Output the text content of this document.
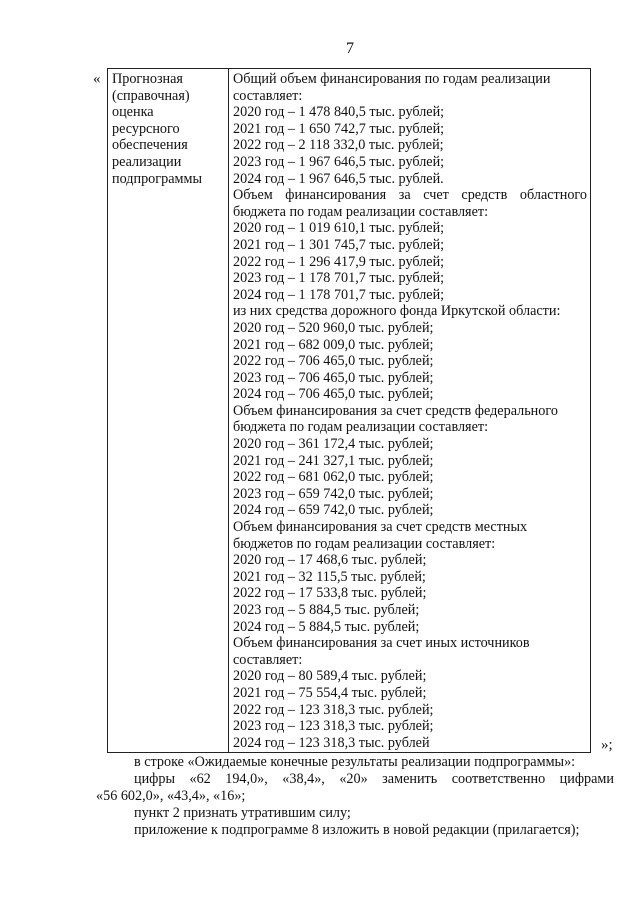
7
« Прогнозная
(справочная)
оценка
ресурсного
обеспечения
реализации
подпрограммы

Общий объем финансирования по годам реализации
составляет:
2020 год – 1 478 840,5 тыс. рублей;
2021 год – 1 650 742,7 тыс. рублей;
2022 год – 2 118 332,0 тыс. рублей;
2023 год – 1 967 646,5 тыс. рублей;
2024 год – 1 967 646,5 тыс. рублей.
Объем финансирования за счет средств областного
бюджета по годам реализации составляет:
2020 год – 1 019 610,1 тыс. рублей;
2021 год – 1 301 745,7 тыс. рублей;
2022 год – 1 296 417,9 тыс. рублей;
2023 год – 1 178 701,7 тыс. рублей;
2024 год – 1 178 701,7 тыс. рублей;
из них средства дорожного фонда Иркутской области:
2020 год – 520 960,0 тыс. рублей;
2021 год – 682 009,0 тыс. рублей;
2022 год – 706 465,0 тыс. рублей;
2023 год – 706 465,0 тыс. рублей;
2024 год – 706 465,0 тыс. рублей;
Объем финансирования за счет средств федерального
бюджета по годам реализации составляет:
2020 год – 361 172,4 тыс. рублей;
2021 год – 241 327,1 тыс. рублей;
2022 год – 681 062,0 тыс. рублей;
2023 год – 659 742,0 тыс. рублей;
2024 год – 659 742,0 тыс. рублей;
Объем финансирования за счет средств местных
бюджетов по годам реализации составляет:
2020 год – 17 468,6 тыс. рублей;
2021 год – 32 115,5 тыс. рублей;
2022 год – 17 533,8 тыс. рублей;
2023 год – 5 884,5 тыс. рублей;
2024 год – 5 884,5 тыс. рублей;
Объем финансирования за счет иных источников
составляет:
2020 год – 80 589,4 тыс. рублей;
2021 год – 75 554,4 тыс. рублей;
2022 год – 123 318,3 тыс. рублей;
2023 год – 123 318,3 тыс. рублей;
2024 год – 123 318,3 тыс. рублей	»;

в строке «Ожидаемые конечные результаты реализации подпрограммы»:

цифры «62 194,0», «38,4», «20» заменить соответственно цифрами

«56 602,0», «43,4», «16»;

пункт 2 признать утратившим силу;

приложение к подпрограмме 8 изложить в новой редакции (прилагается);
